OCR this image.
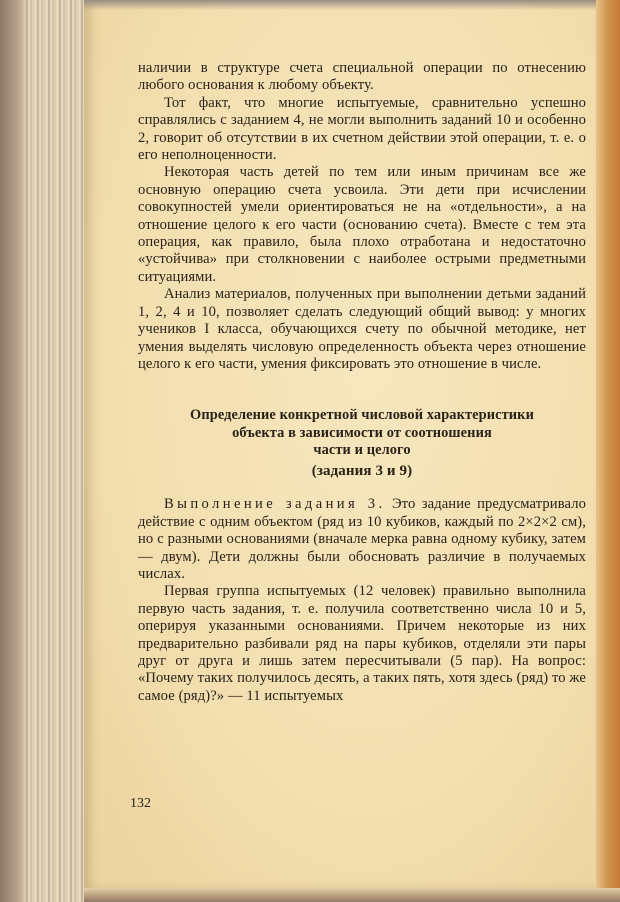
наличии в структуре счета специальной операции по отнесению любого основания к любому объекту.

Тот факт, что многие испытуемые, сравнительно успешно справлялись с заданием 4, не могли выполнить заданий 10 и особенно 2, говорит об отсутствии в их счетном действии этой операции, т. е. о его неполноценности.

Некоторая часть детей по тем или иным причинам все же основную операцию счета усвоила. Эти дети при исчислении совокупностей умели ориентироваться не на «отдельности», а на отношение целого к его части (основанию счета). Вместе с тем эта операция, как правило, была плохо отработана и недостаточно «устойчива» при столкновении с наиболее острыми предметными ситуациями.

Анализ материалов, полученных при выполнении детьми заданий 1, 2, 4 и 10, позволяет сделать следующий общий вывод: у многих учеников I класса, обучающихся счету по обычной методике, нет умения выделять числовую определенность объекта через отношение целого к его части, умения фиксировать это отношение в числе.

Определение конкретной числовой характеристики
объекта в зависимости от соотношения
части и целого
(задания 3 и 9)

Выполнение задания 3. Это задание предусматривало действие с одним объектом (ряд из 10 кубиков, каждый по 2×2×2 см), но с разными основаниями (вначале мерка равна одному кубику, затем — двум). Дети должны были обосновать различие в получаемых числах.

Первая группа испытуемых (12 человек) правильно выполнила первую часть задания, т. е. получила соответственно числа 10 и 5, оперируя указанными основаниями. Причем некоторые из них предварительно разбивали ряд на пары кубиков, отделяли эти пары друг от друга и лишь затем пересчитывали (5 пар). На вопрос: «Почему таких получилось десять, а таких пять, хотя здесь (ряд) то же самое (ряд)?» — 11 испытуемых

132
